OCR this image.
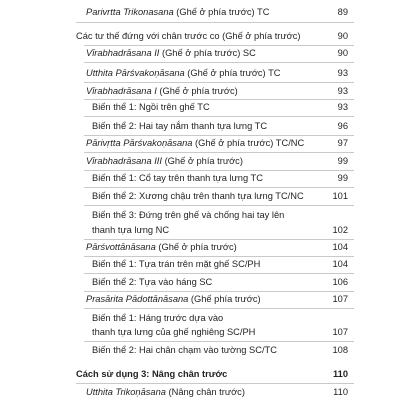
Parivrtta Trikonasana (Ghế ở phía trước) TC	89
Các tư thế đứng với chân trước co (Ghế ở phía trước)	90
Vīrabhadrāsana II (Ghế ở phía trước) SC	90
Utthita Pārśvakoṇāsana (Ghế ở phía trước) TC	93
Vīrabhadrāsana I (Ghế ở phía trước)	93
Biến thể 1: Ngồi trên ghế TC	93
Biến thể 2: Hai tay nắm thanh tựa lưng TC	96
Pārivṛtta Pārśvakoṇāsana (Ghế ở phía trước) TC/NC	97
Vīrabhadrāsana III (Ghế ở phía trước)	99
Biến thể 1: Cổ tay trên thanh tựa lưng TC	99
Biến thể 2: Xương chậu trên thanh tựa lưng TC/NC	101
Biến thể 3: Đứng trên ghế và chống hai tay lên
thanh tựa lưng NC	102
Pārśvottānāsana (Ghế ở phía trước)	104
Biến thể 1: Tựa trán trên mặt ghế SC/PH	104
Biến thể 2: Tựa vào háng SC	106
Prasārita Pādottānāsana (Ghế phía trước)	107
Biến thể 1: Háng trước dựa vào
thanh tựa lưng của ghế nghiêng SC/PH	107
Biến thể 2: Hai chân chạm vào tường SC/TC	108
Cách sử dụng 3: Nâng chân trước	110
Utthita Trikoṇāsana (Nâng chân trước)	110
